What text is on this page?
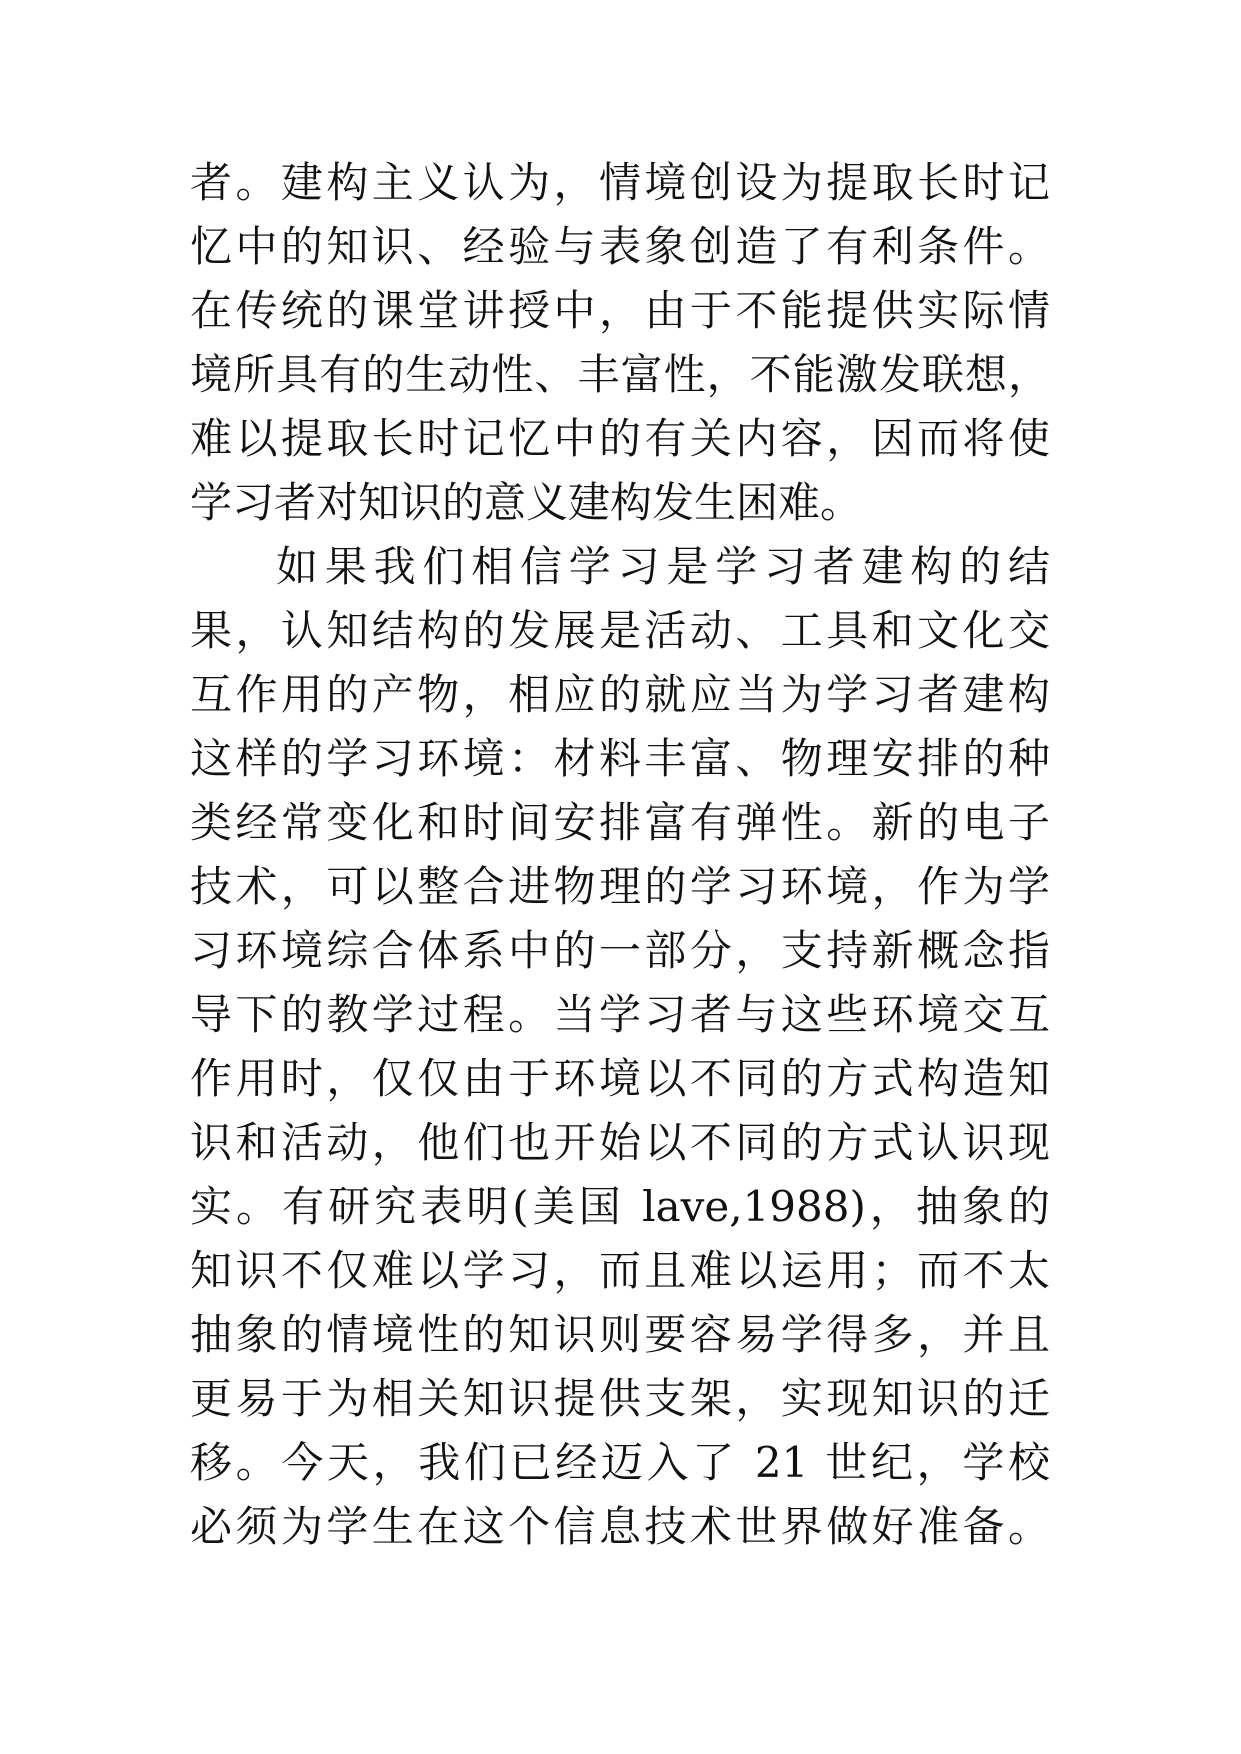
者。建构主义认为，情境创设为提取长时记
忆中的知识、经验与表象创造了有利条件。
在传统的课堂讲授中，由于不能提供实际情
境所具有的生动性、丰富性，不能激发联想，
难以提取长时记忆中的有关内容，因而将使
学习者对知识的意义建构发生困难。
如果我们相信学习是学习者建构的结
果，认知结构的发展是活动、工具和文化交
互作用的产物，相应的就应当为学习者建构
这样的学习环境：材料丰富、物理安排的种
类经常变化和时间安排富有弹性。新的电子
技术，可以整合进物理的学习环境，作为学
习环境综合体系中的一部分，支持新概念指
导下的教学过程。当学习者与这些环境交互
作用时，仅仅由于环境以不同的方式构造知
识和活动，他们也开始以不同的方式认识现
实。有研究表明(美国 lave,1988)，抽象的
知识不仅难以学习，而且难以运用；而不太
抽象的情境性的知识则要容易学得多，并且
更易于为相关知识提供支架，实现知识的迁
移。今天，我们已经迈入了 21 世纪，学校
必须为学生在这个信息技术世界做好准备。
